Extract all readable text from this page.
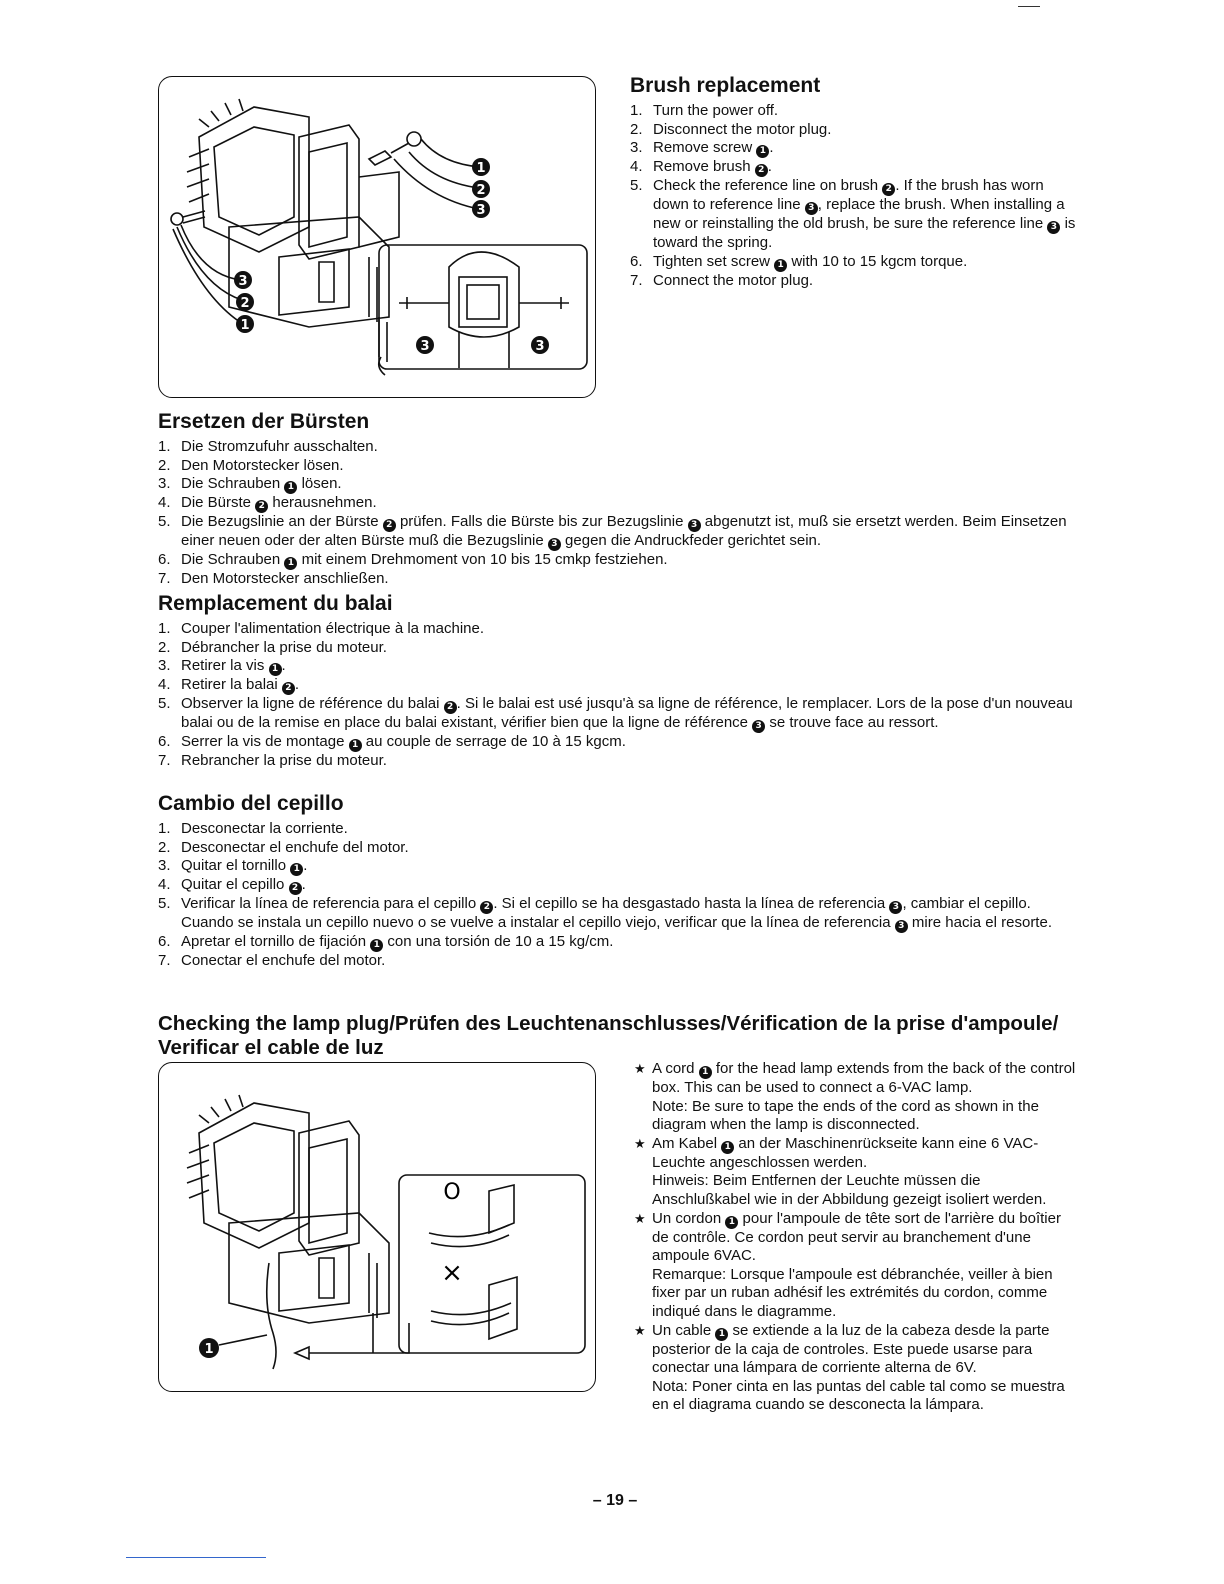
1
2
3
3
2
1
3	3
Brush replacement
1. Turn the power off.
2. Disconnect the motor plug.
3. Remove screw 1 .
4. Remove brush 2 .
5. Check the reference line on brush 2 . If the brush has worn down to reference line 3 , replace the brush. When installing a new or reinstalling the old brush, be sure the reference line 3 is toward the spring.
6. Tighten set screw 1 with 10 to 15 kgcm torque.
7. Connect the motor plug.
Ersetzen der Bürsten
1. Die Stromzufuhr ausschalten.
2. Den Motorstecker lösen.
3. Die Schrauben 1 lösen.
4. Die Bürste 2 herausnehmen.
5. Die Bezugslinie an der Bürste 2 prüfen. Falls die Bürste bis zur Bezugslinie 3 abgenutzt ist, muß sie ersetzt werden. Beim Einsetzen einer neuen oder der alten Bürste muß die Bezugslinie 3 gegen die Andruckfeder gerichtet sein.
6. Die Schrauben 1 mit einem Drehmoment von 10 bis 15 cmkp festziehen.
7. Den Motorstecker anschließen.
Remplacement du balai
1. Couper l'alimentation électrique à la machine.
2. Débrancher la prise du moteur.
3. Retirer la vis 1 .
4. Retirer la balai 2 .
5. Observer la ligne de référence du balai 2 . Si le balai est usé jusqu'à sa ligne de référence, le remplacer. Lors de la pose d'un nouveau balai ou de la remise en place du balai existant, vérifier bien que la ligne de référence 3 se trouve face au ressort.
6. Serrer la vis de montage 1 au couple de serrage de 10 à 15 kgcm.
7. Rebrancher la prise du moteur.
Cambio del cepillo
1. Desconectar la corriente.
2. Desconectar el enchufe del motor.
3. Quitar el tornillo 1 .
4. Quitar el cepillo 2 .
5. Verificar la línea de referencia para el cepillo 2 . Si el cepillo se ha desgastado hasta la línea de referencia 3 , cambiar el cepillo. Cuando se instala un cepillo nuevo o se vuelve a instalar el cepillo viejo, verificar que la línea de referencia 3 mire hacia el resorte.
6. Apretar el tornillo de fijación 1 con una torsión de 10 a 15 kg/cm.
7. Conectar el enchufe del motor.
Checking the lamp plug/Prüfen des Leuchtenanschlusses/Vérification de la prise d'ampoule/
Verificar el cable de luz
O
×
1
★ A cord 1 for the head lamp extends from the back of the control box. This can be used to connect a 6-VAC lamp.
Note: Be sure to tape the ends of the cord as shown in the diagram when the lamp is disconnected.
★ Am Kabel 1 an der Maschinenrückseite kann eine 6 VAC-Leuchte angeschlossen werden.
Hinweis: Beim Entfernen der Leuchte müssen die Anschlußkabel wie in der Abbildung gezeigt isoliert werden.
★ Un cordon 1 pour l'ampoule de tête sort de l'arrière du boîtier de contrôle. Ce cordon peut servir au branchement d'une ampoule 6VAC.
Remarque: Lorsque l'ampoule est débranchée, veiller à bien fixer par un ruban adhésif les extrémités du cordon, comme indiqué dans le diagramme.
★ Un cable 1 se extiende a la luz de la cabeza desde la parte posterior de la caja de controles. Este puede usarse para conectar una lámpara de corriente alterna de 6V.
Nota: Poner cinta en las puntas del cable tal como se muestra en el diagrama cuando se desconecta la lámpara.
– 19 –
